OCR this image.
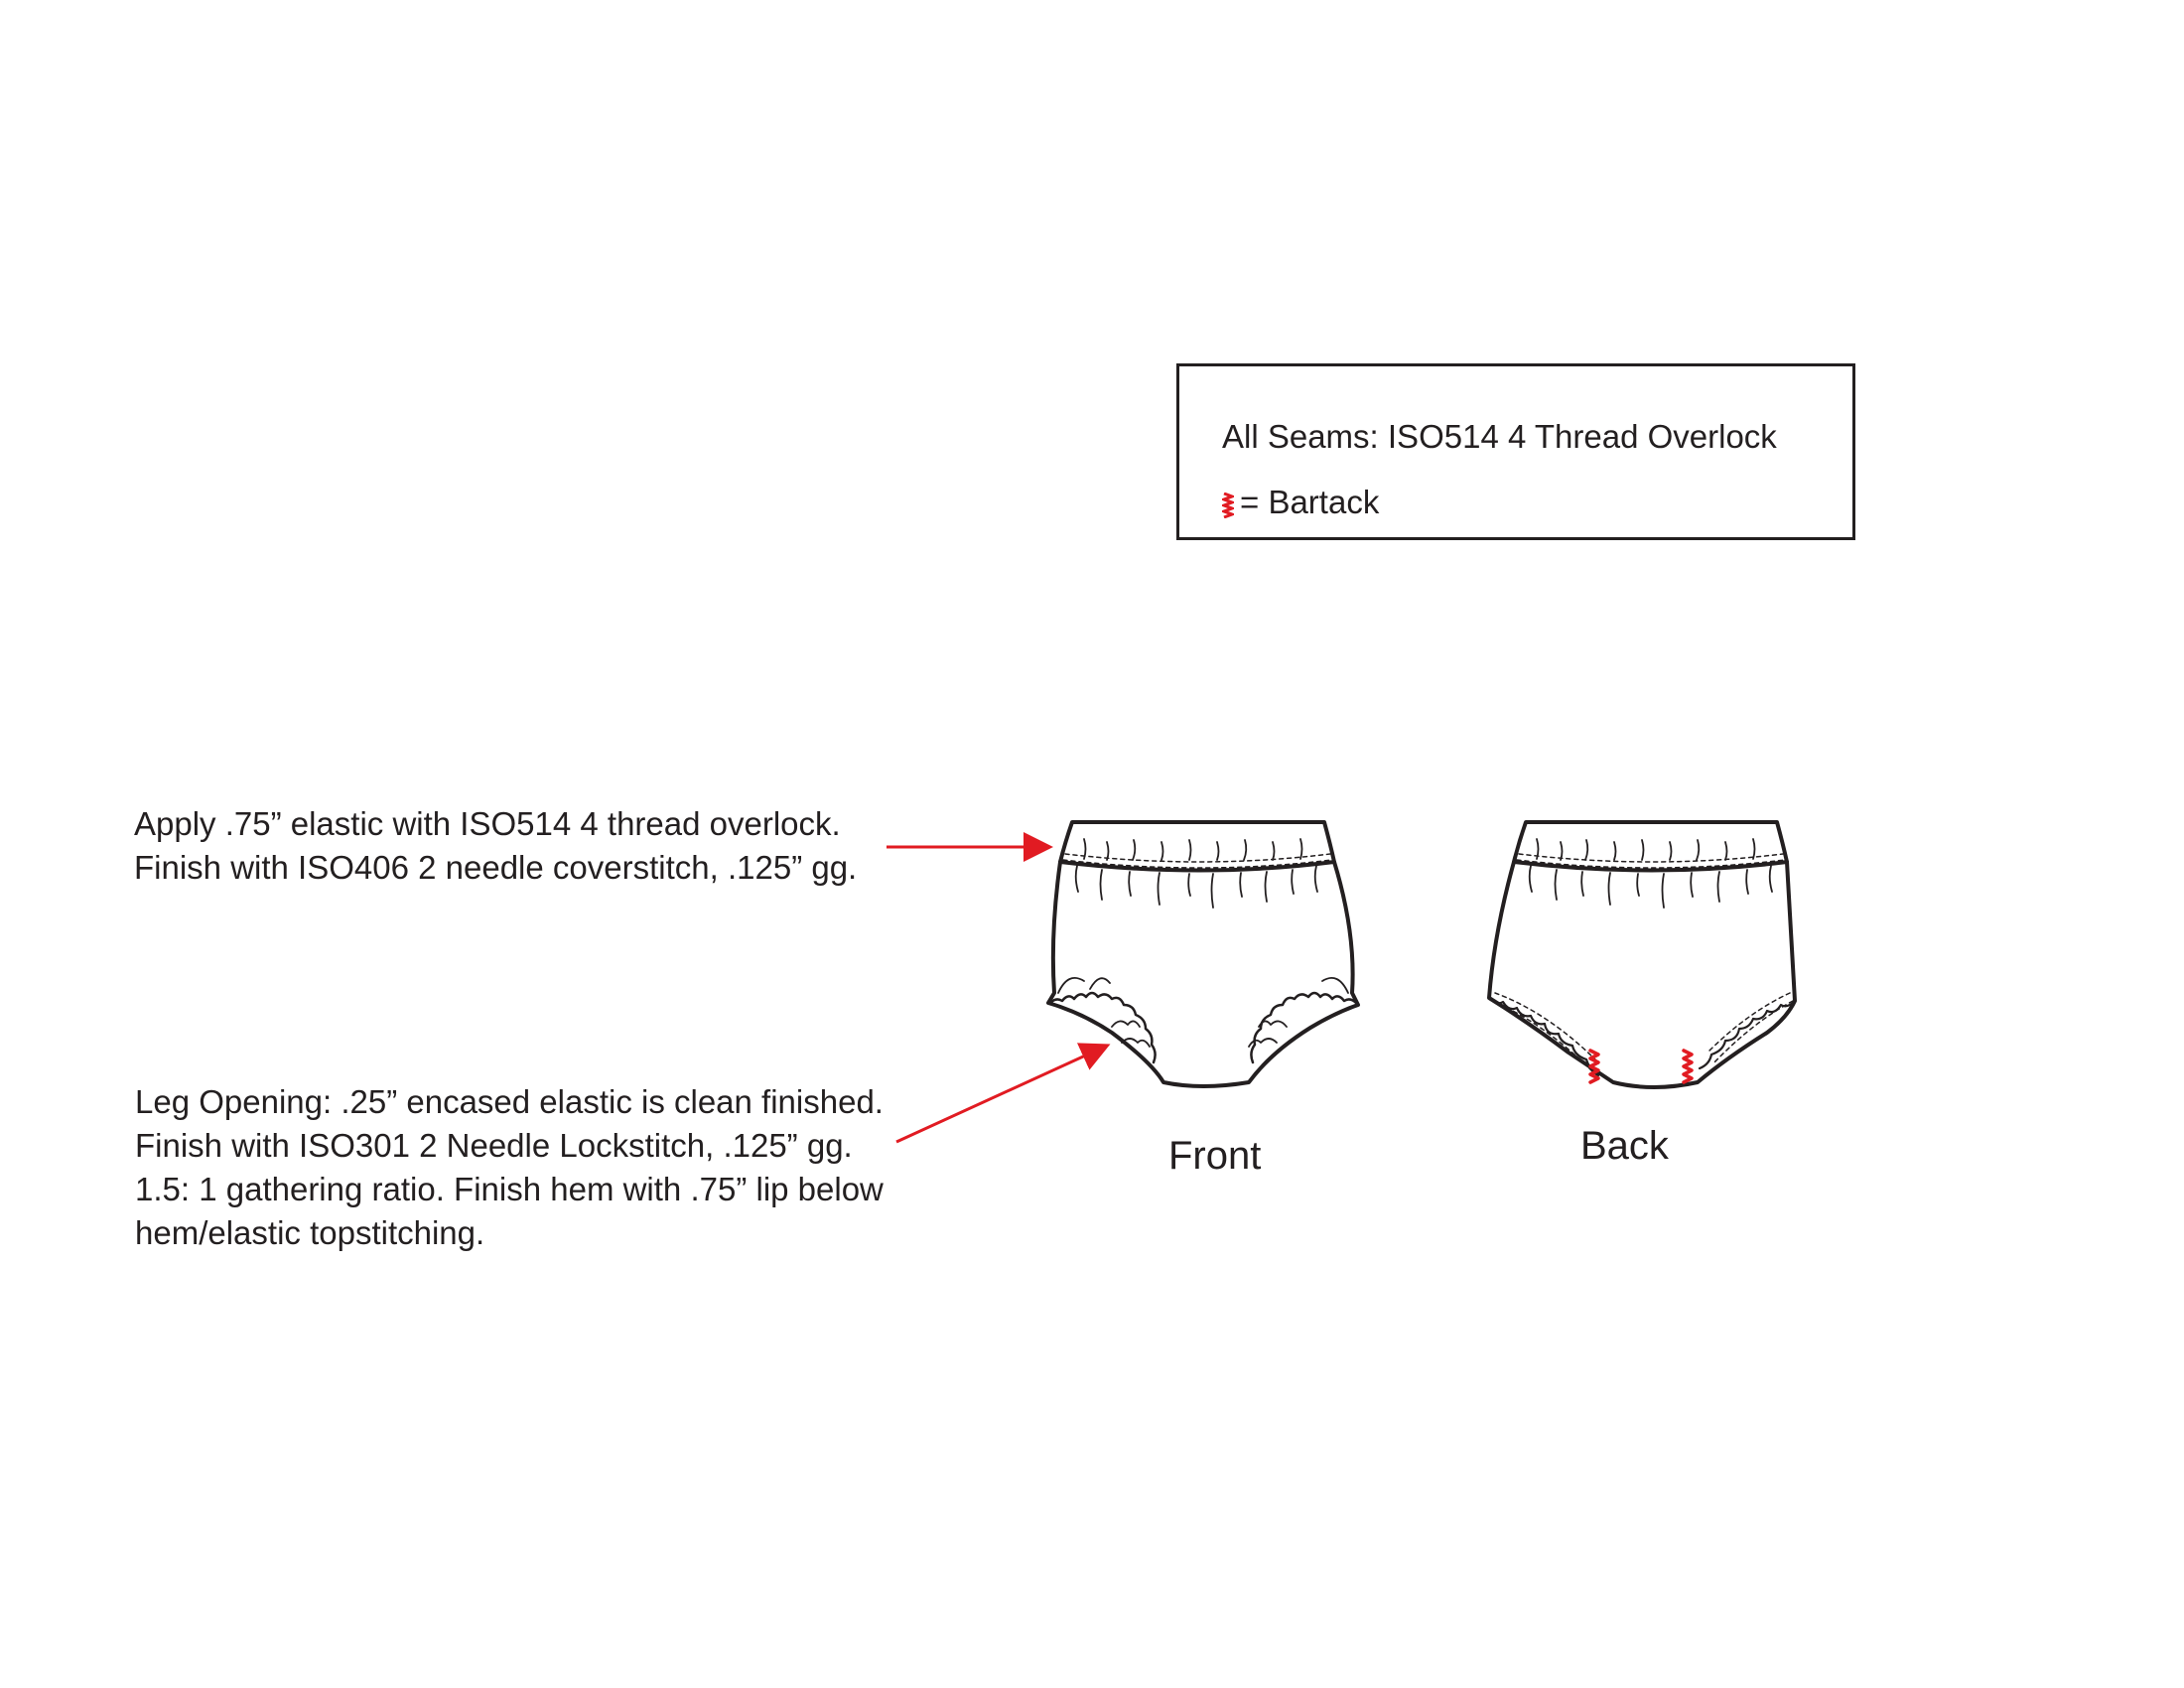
All Seams: ISO514 4 Thread Overlock
= Bartack
Apply .75” elastic with ISO514 4 thread overlock.
Finish with ISO406 2 needle coverstitch, .125” gg.
Leg Opening: .25” encased elastic is clean finished.
Finish with ISO301 2 Needle Lockstitch, .125” gg.
1.5: 1 gathering ratio. Finish hem with .75” lip below
hem/elastic topstitching.
Front	Back
